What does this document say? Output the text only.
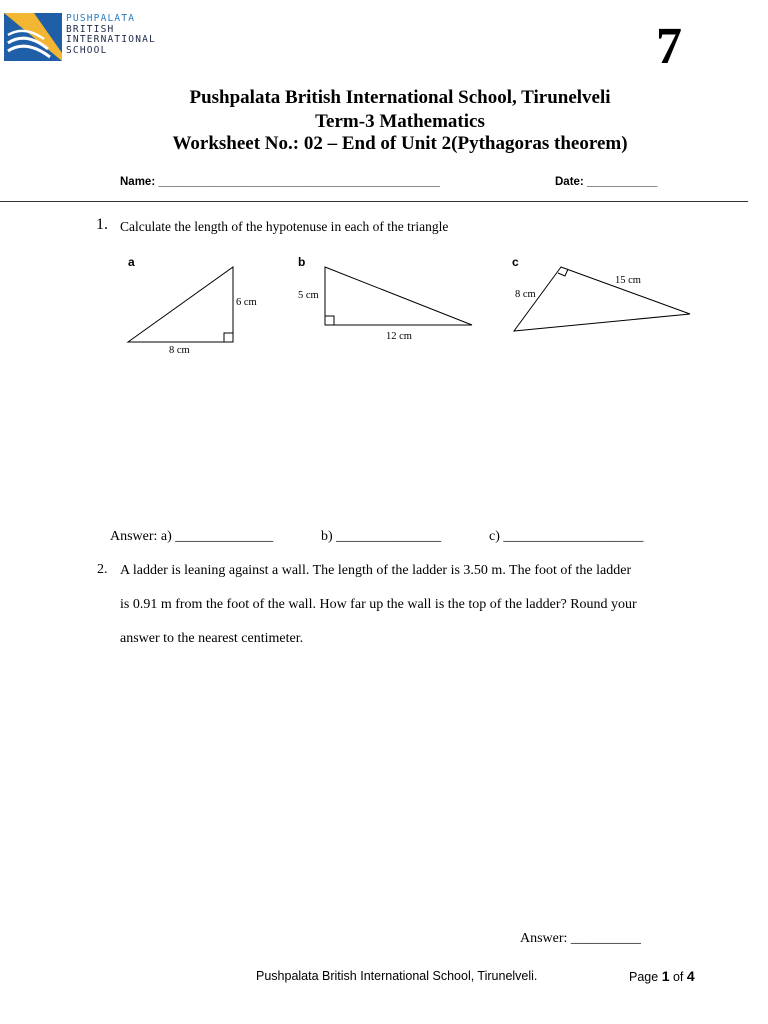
PUSHPALATA
BRITISH
INTERNATIONAL
SCHOOL	7
Pushpalata British International School, Tirunelveli
Term-3 Mathematics
Worksheet No.: 02 – End of Unit 2(Pythagoras theorem)
Name: ____________________________________________	Date: ___________
1. Calculate the length of the hypotenuse in each of the triangle
a
6 cm
8 cm
b
5 cm
12 cm
c
8 cm
15 cm
Answer: a) ______________	b) _______________	c) ____________________
2. A ladder is leaning against a wall. The length of the ladder is 3.50 m. The foot of the ladder
is 0.91 m from the foot of the wall. How far up the wall is the top of the ladder? Round your
answer to the nearest centimeter.
Answer: __________
Pushpalata British International School, Tirunelveli.	Page 1 of 4
